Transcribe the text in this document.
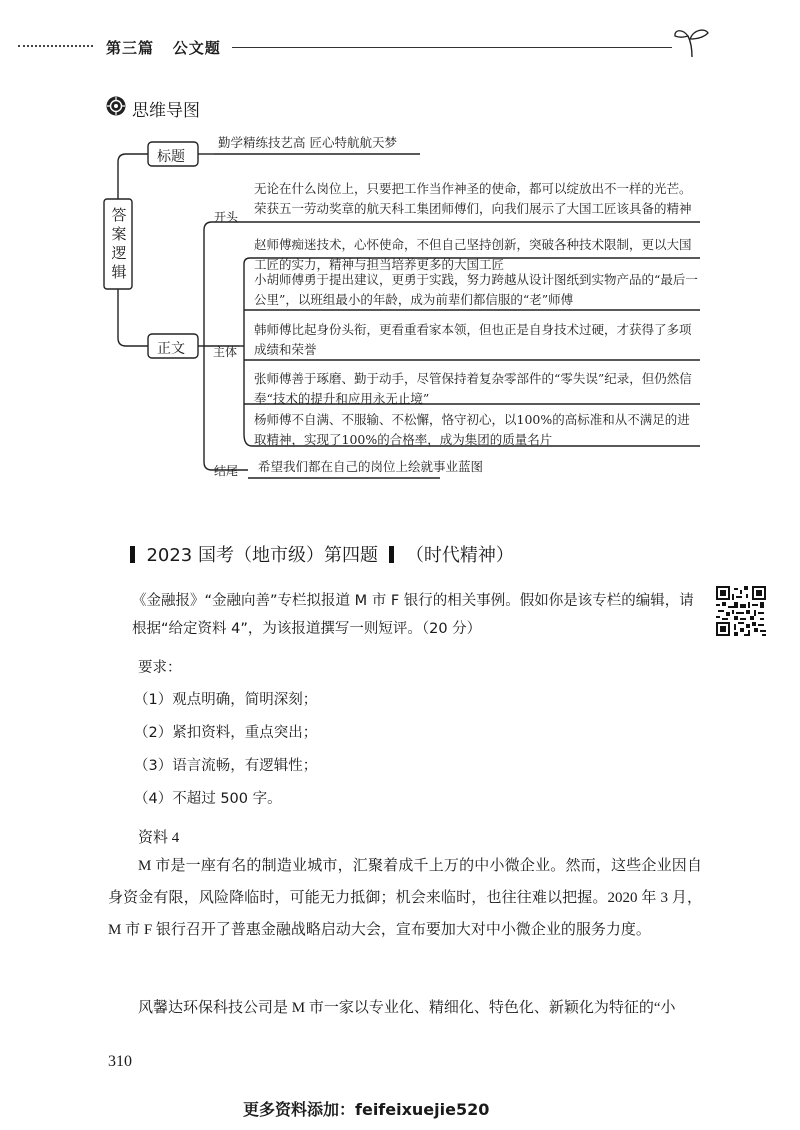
第三篇 公文题
思维导图
答案逻辑
标题
勤学精练技艺高 匠心特航航天梦
正文
开头
无论在什么岗位上，只要把工作当作神圣的使命，都可以绽放出不一样的光芒。荣获五一劳动奖章的航天科工集团师傅们，向我们展示了大国工匠该具备的精神
主体
赵师傅痴迷技术，心怀使命，不但自己坚持创新，突破各种技术限制，更以大国工匠的实力，精神与担当培养更多的大国工匠
小胡师傅勇于提出建议，更勇于实践，努力跨越从设计图纸到实物产品的“最后一公里”，以班组最小的年龄，成为前辈们都信服的“老”师傅
韩师傅比起身份头衔，更看重看家本领，但也正是自身技术过硬，才获得了多项成绩和荣誉
张师傅善于琢磨、勤于动手，尽管保持着复杂零部件的“零失误”纪录，但仍然信奉“技术的提升和应用永无止境”
杨师傅不自满、不服输、不松懈，恪守初心，以100%的高标准和从不满足的进取精神，实现了100%的合格率，成为集团的质量名片
结尾 希望我们都在自己的岗位上绘就事业蓝图
2023 国考（地市级）第四题 （时代精神）
《金融报》“金融向善”专栏拟报道 M 市 F 银行的相关事例。假如你是该专栏的编辑，请根据“给定资料 4”，为该报道撰写一则短评。（20 分）
要求：
（1）观点明确，简明深刻；
（2）紧扣资料，重点突出；
（3）语言流畅，有逻辑性；
（4）不超过 500 字。
资料 4
M 市是一座有名的制造业城市，汇聚着成千上万的中小微企业。然而，这些企业因自身资金有限，风险降临时，可能无力抵御；机会来临时，也往往难以把握。2020 年 3 月，M 市 F 银行召开了普惠金融战略启动大会，宣布要加大对中小微企业的服务力度。
风馨达环保科技公司是 M 市一家以专业化、精细化、特色化、新颖化为特征的“小
310
更多资料添加：feifeixuejie520
